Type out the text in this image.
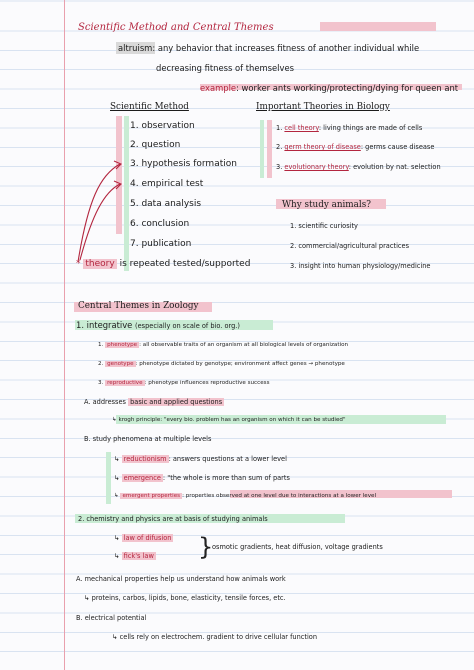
Scientific Method and Central Themes
altruism: any behavior that increases fitness of another individual while
decreasing fitness of themselves
example: worker ants working/protecting/dying for queen ant
Scientific Method
1. observation
2. question
3. hypothesis formation
4. empirical test
5. data analysis
6. conclusion
7. publication
* theory is repeated tested/supported
Important Theories in Biology
1. cell theory: living things are made of cells
2. germ theory of disease: germs cause disease
3. evolutionary theory: evolution by nat. selection
Why study animals?
1. scientific curiosity
2. commercial/agricultural practices
3. insight into human physiology/medicine
Central Themes in Zoology
1. integrative (especially on scale of bio. org.)
1. phenotype : all observable traits of an organism at all biological levels of organization
2. genotype : phenotype dictated by genotype; environment affect genes → phenotype
3. reproductive : phenotype influences reproductive success
A. addresses basic and applied questions
↳ krogh principle: "every bio. problem has an organism on which it can be studied"
B. study phenomena at multiple levels
↳ reductionism : answers questions at a lower level
↳ emergence : "the whole is more than sum of parts
↳ emergent properties : properties observed at one level due to interactions at a lower level
2. chemistry and physics are at basis of studying animals
↳ law of difusion
↳ fick's law }
osmotic gradients, heat diffusion, voltage gradients
A. mechanical properties help us understand how animals work
↳ proteins, carbos, lipids, bone, elasticity, tensile forces, etc.
B. electrical potential
↳ cells rely on electrochem. gradient to drive cellular function
